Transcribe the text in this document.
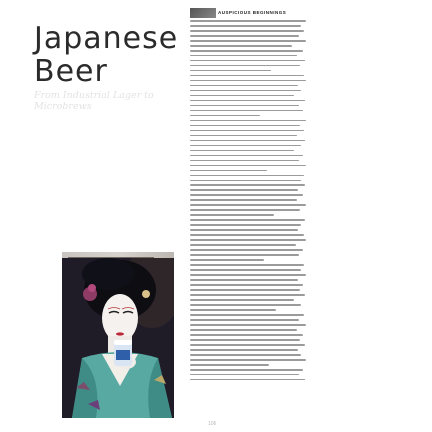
Japanese
Beer

From Industrial Lager to Microbrews

AUSPICIOUS BEGINNINGS
106
